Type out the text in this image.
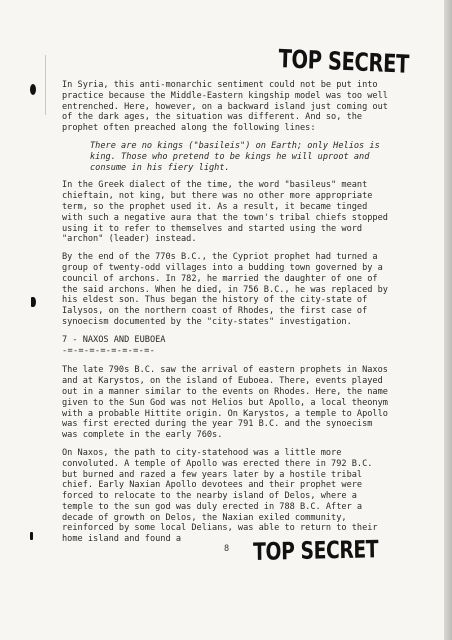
TOP SECRET

In Syria, this anti-monarchic sentiment could not be put into practice because the Middle-Eastern kingship model was too well entrenched. Here, however, on a backward island just coming out of the dark ages, the situation was different. And so, the prophet often preached along the following lines:

There are no kings ("basileis") on Earth; only Helios is king. Those who pretend to be kings he will uproot and consume in his fiery light.

In the Greek dialect of the time, the word "basileus" meant chieftain, not king, but there was no other more appropriate term, so the prophet used it. As a result, it became tinged with such a negative aura that the town's tribal chiefs stopped using it to refer to themselves and started using the word "archon" (leader) instead.

By the end of the 770s B.C., the Cypriot prophet had turned a group of twenty-odd villages into a budding town governed by a council of archons. In 782, he married the daughter of one of the said archons. When he died, in 756 B.C., he was replaced by his eldest son. Thus began the history of the city-state of Ialysos, on the northern coast of Rhodes, the first case of synoecism documented by the "city-states" investigation.

7 - NAXOS AND EUBOEA

-=-=-=-=-=-=-=-=-

The late 790s B.C. saw the arrival of eastern prophets in Naxos and at Karystos, on the island of Euboea. There, events played out in a manner similar to the events on Rhodes. Here, the name given to the Sun God was not Helios but Apollo, a local theonym with a probable Hittite origin. On Karystos, a temple to Apollo was first erected during the year 791 B.C. and the synoecism was complete in the early 760s.

On Naxos, the path to city-statehood was a little more convoluted. A temple of Apollo was erected there in 792 B.C. but burned and razed a few years later by a hostile tribal chief. Early Naxian Apollo devotees and their prophet were forced to relocate to the nearby island of Delos, where a temple to the sun god was duly erected in 788 B.C. After a decade of growth on Delos, the Naxian exiled community, reinforced by some local Delians, was able to return to their home island and found a

8 TOP SECRET
